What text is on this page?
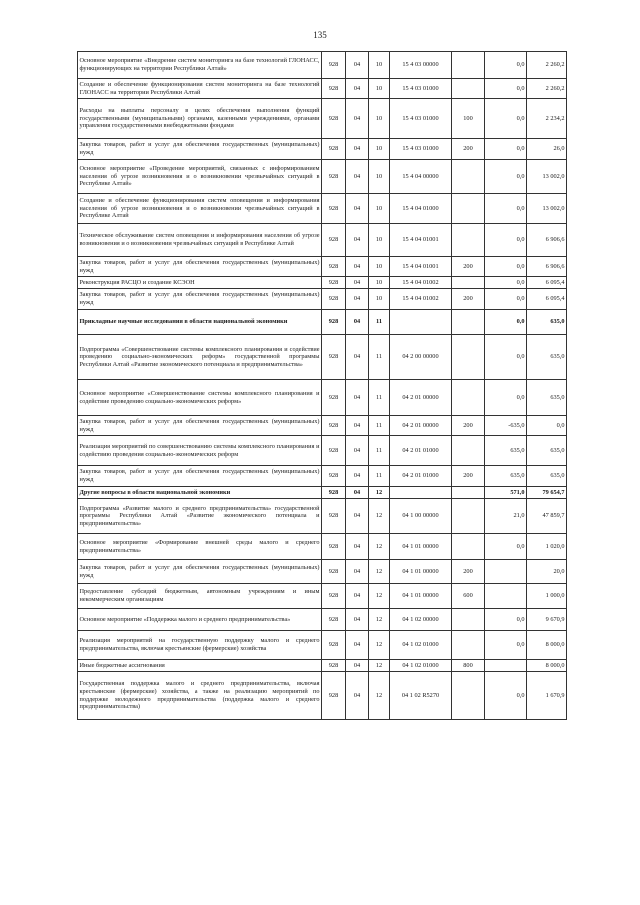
135
Основное мероприятие «Внедрение систем мониторинга на базе технологий ГЛОНАСС, функционирующих на территории Республики Алтай»	928	04	10	15 4 03 00000		0,0	2 260,2
Создание и обеспечение функционирования систем мониторинга на базе технологий ГЛОНАСС на территории Республики Алтай	928	04	10	15 4 03 01000		0,0	2 260,2
Расходы на выплаты персоналу в целях обеспечения выполнения функций государственными (муниципальными) органами, казенными учреждениями, органами управления государственными внебюджетными фондами	928	04	10	15 4 03 01000	100	0,0	2 234,2
Закупка товаров, работ и услуг для обеспечения государственных (муниципальных) нужд	928	04	10	15 4 03 01000	200	0,0	26,0
Основное мероприятие «Проведение мероприятий, связанных с информированием населения об угрозе возникновения и о возникновении чрезвычайных ситуаций в Республике Алтай»	928	04	10	15 4 04 00000		0,0	13 002,0
Создание и обеспечение функционирования систем оповещения и информирования населения об угрозе возникновения и о возникновении чрезвычайных ситуаций в Республике Алтай	928	04	10	15 4 04 01000		0,0	13 002,0
Техническое обслуживание систем оповещения и информирования населения об угрозе возникновения и о возникновении чрезвычайных ситуаций в Республике Алтай	928	04	10	15 4 04 01001		0,0	6 906,6
Закупка товаров, работ и услуг для обеспечения государственных (муниципальных) нужд	928	04	10	15 4 04 01001	200	0,0	6 906,6
Реконструкция РАСЦО и создание КСЭОН	928	04	10	15 4 04 01002		0,0	6 095,4
Закупка товаров, работ и услуг для обеспечения государственных (муниципальных) нужд	928	04	10	15 4 04 01002	200	0,0	6 095,4
Прикладные научные исследования в области национальной экономики	928	04	11			0,0	635,0
Подпрограмма «Совершенствование системы комплексного планирования и содействие проведению социально-экономических реформ» государственной программы Республики Алтай «Развитие экономического потенциала и предпринимательства»	928	04	11	04 2 00 00000		0,0	635,0
Основное мероприятие «Совершенствование системы комплексного планирования и содействие проведению социально-экономических реформ»	928	04	11	04 2 01 00000		0,0	635,0
Закупка товаров, работ и услуг для обеспечения государственных (муниципальных) нужд	928	04	11	04 2 01 00000	200	-635,0	0,0
Реализация мероприятий по совершенствованию системы комплексного планирования и содействию проведения социально-экономических реформ	928	04	11	04 2 01 01000		635,0	635,0
Закупка товаров, работ и услуг для обеспечения государственных (муниципальных) нужд	928	04	11	04 2 01 01000	200	635,0	635,0
Другие вопросы в области национальной экономики	928	04	12			571,0	79 654,7
Подпрограмма «Развитие малого и среднего предпринимательства» государственной программы Республики Алтай «Развитие экономического потенциала и предпринимательства»	928	04	12	04 1 00 00000		21,0	47 859,7
Основное мероприятие «Формирование внешней среды малого и среднего предпринимательства»	928	04	12	04 1 01 00000		0,0	1 020,0
Закупка товаров, работ и услуг для обеспечения государственных (муниципальных) нужд	928	04	12	04 1 01 00000	200		20,0
Предоставление субсидий бюджетным, автономным учреждениям и иным некоммерческим организациям	928	04	12	04 1 01 00000	600		1 000,0
Основное мероприятие «Поддержка малого и среднего предпринимательства»	928	04	12	04 1 02 00000		0,0	9 670,9
Реализация мероприятий на государственную поддержку малого и среднего предпринимательства, включая крестьянские (фермерские) хозяйства	928	04	12	04 1 02 01000		0,0	8 000,0
Иные бюджетные ассигнования	928	04	12	04 1 02 01000	800		8 000,0
Государственная поддержка малого и среднего предпринимательства, включая крестьянские (фермерские) хозяйства, а также на реализацию мероприятий по поддержке молодежного предпринимательства (поддержка малого и среднего предпринимательства)	928	04	12	04 1 02 R5270		0,0	1 670,9
